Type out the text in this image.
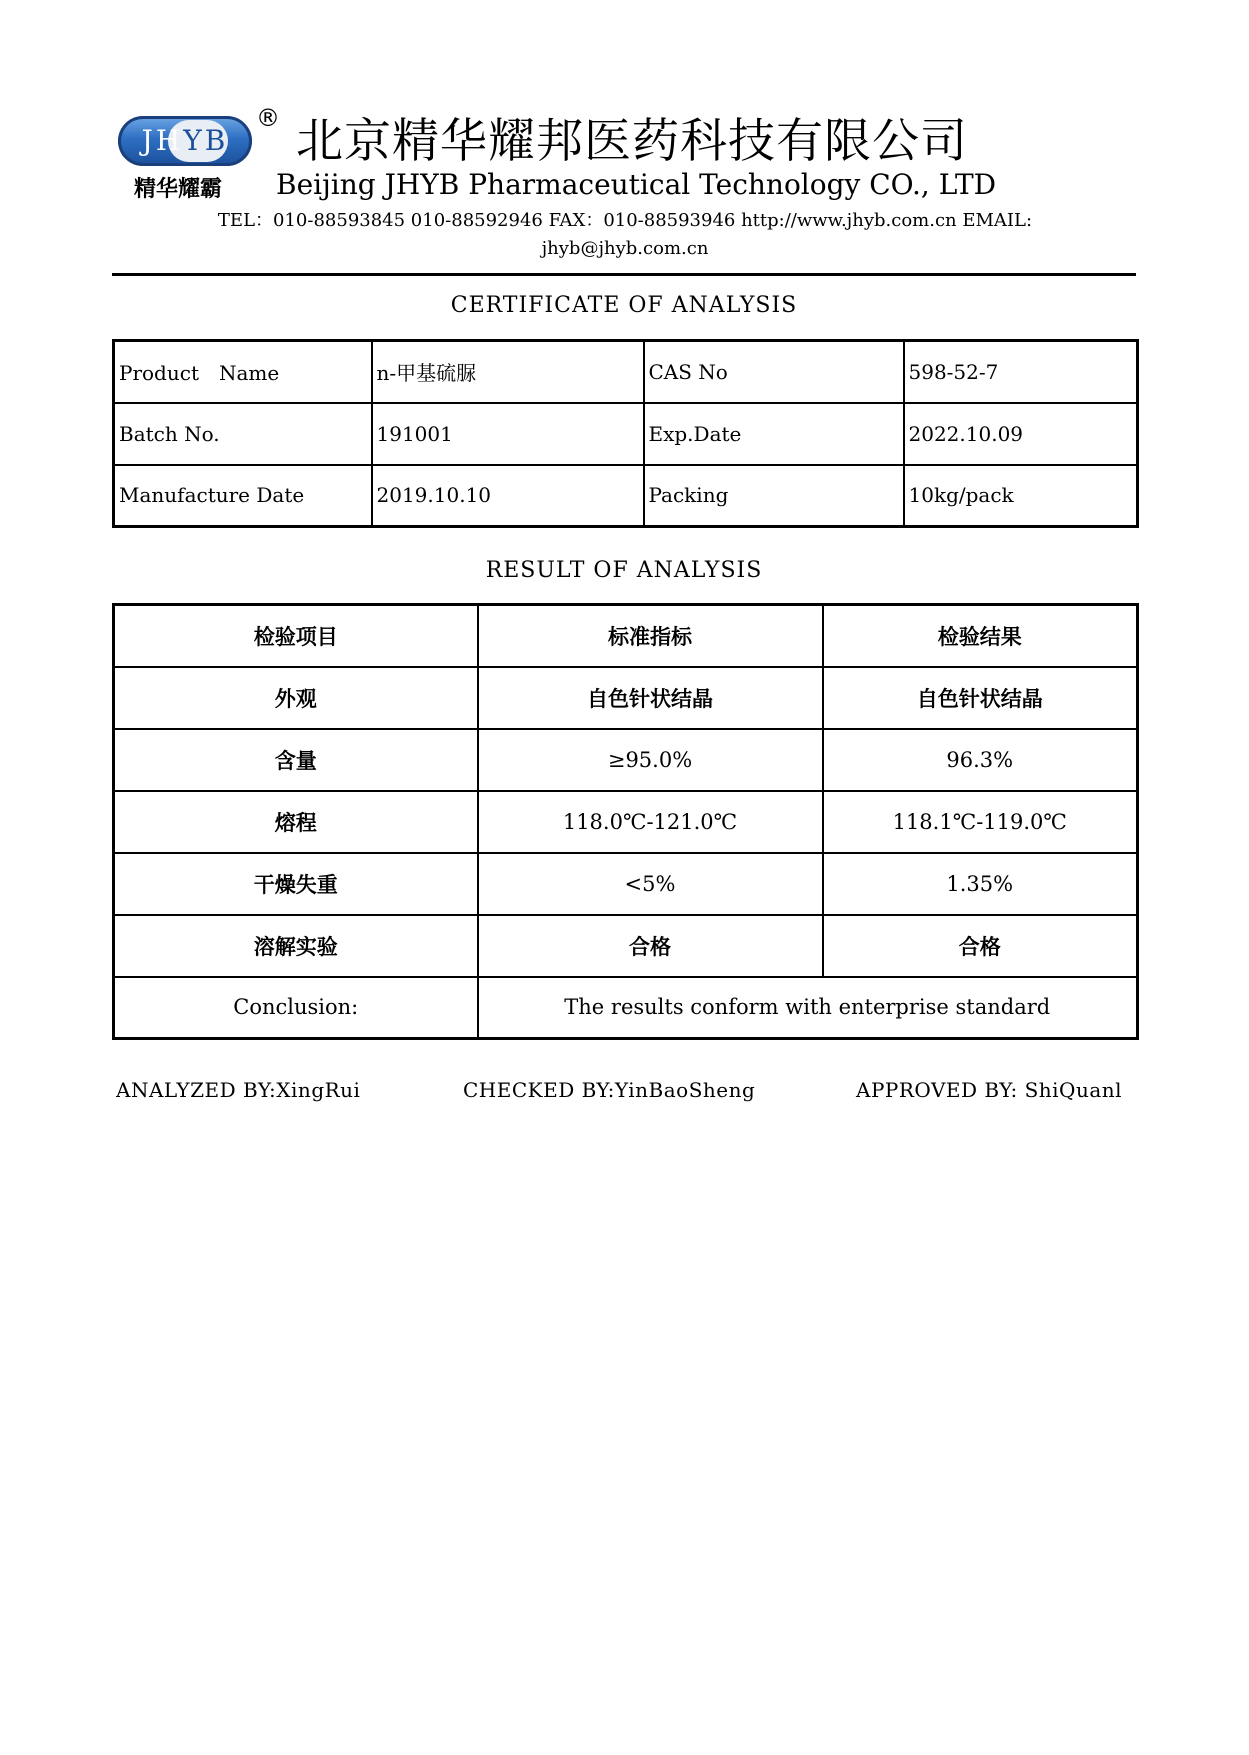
JHYB
®
精华耀霸
北京精华耀邦医药科技有限公司
Beijing JHYB Pharmaceutical Technology CO., LTD
TEL：010-88593845 010-88592946 FAX：010-88593946 http://www.jhyb.com.cn EMAIL:
jhyb@jhyb.com.cn
CERTIFICATE OF ANALYSIS
Product　Name	n-甲基硫脲	CAS No	598-52-7
Batch No.	191001	Exp.Date	2022.10.09
Manufacture Date	2019.10.10	Packing	10kg/pack
RESULT OF ANALYSIS
检验项目	标准指标	检验结果
外观	自色针状结晶	自色针状结晶
含量	≥95.0%	96.3%
熔程	118.0℃-121.0℃	118.1℃-119.0℃
干燥失重	<5%	1.35%
溶解实验	合格	合格
Conclusion:	The results conform with enterprise standard	
ANALYZED BY:XingRui	CHECKED BY:YinBaoSheng	APPROVED BY: ShiQuanl
